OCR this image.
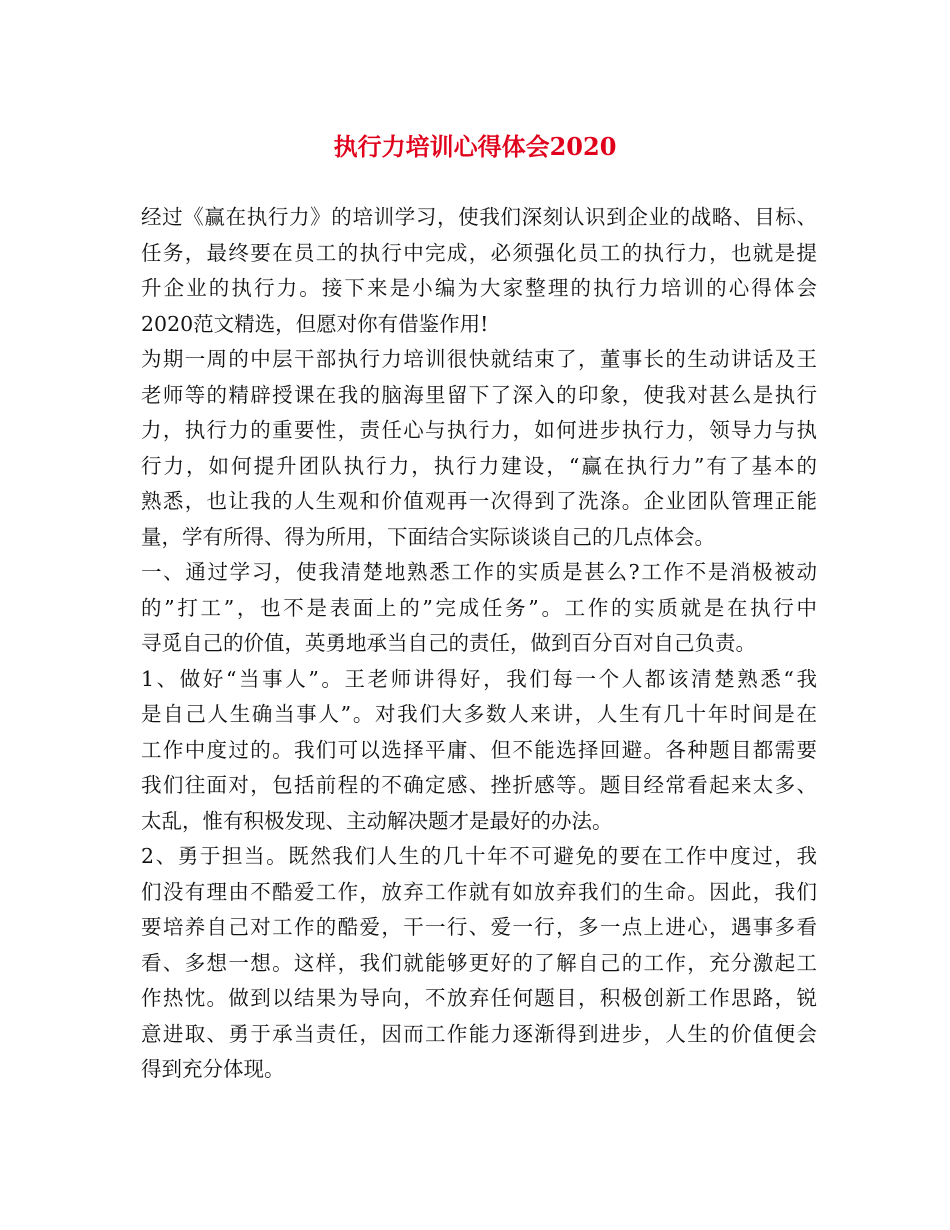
执行力培训心得体会2020
经过《赢在执行力》的培训学习，使我们深刻认识到企业的战略、目标、
任务，最终要在员工的执行中完成，必须强化员工的执行力，也就是提
升企业的执行力。接下来是小编为大家整理的执行力培训的心得体会
2020范文精选，但愿对你有借鉴作用!
为期一周的中层干部执行力培训很快就结束了，董事长的生动讲话及王
老师等的精辟授课在我的脑海里留下了深入的印象，使我对甚么是执行
力，执行力的重要性，责任心与执行力，如何进步执行力，领导力与执
行力，如何提升团队执行力，执行力建设，“赢在执行力”有了基本的
熟悉，也让我的人生观和价值观再一次得到了洗涤。企业团队管理正能
量，学有所得、得为所用，下面结合实际谈谈自己的几点体会。
一、通过学习，使我清楚地熟悉工作的实质是甚么?工作不是消极被动
的”打工”，也不是表面上的”完成任务”。工作的实质就是在执行中
寻觅自己的价值，英勇地承当自己的责任，做到百分百对自己负责。
1、做好“当事人”。王老师讲得好，我们每一个人都该清楚熟悉“我
是自己人生确当事人”。对我们大多数人来讲，人生有几十年时间是在
工作中度过的。我们可以选择平庸、但不能选择回避。各种题目都需要
我们往面对，包括前程的不确定感、挫折感等。题目经常看起来太多、
太乱，惟有积极发现、主动解决题才是最好的办法。
2、勇于担当。既然我们人生的几十年不可避免的要在工作中度过，我
们没有理由不酷爱工作，放弃工作就有如放弃我们的生命。因此，我们
要培养自己对工作的酷爱，干一行、爱一行，多一点上进心，遇事多看
看、多想一想。这样，我们就能够更好的了解自己的工作，充分激起工
作热忱。做到以结果为导向，不放弃任何题目，积极创新工作思路，锐
意进取、勇于承当责任，因而工作能力逐渐得到进步，人生的价值便会
得到充分体现。
